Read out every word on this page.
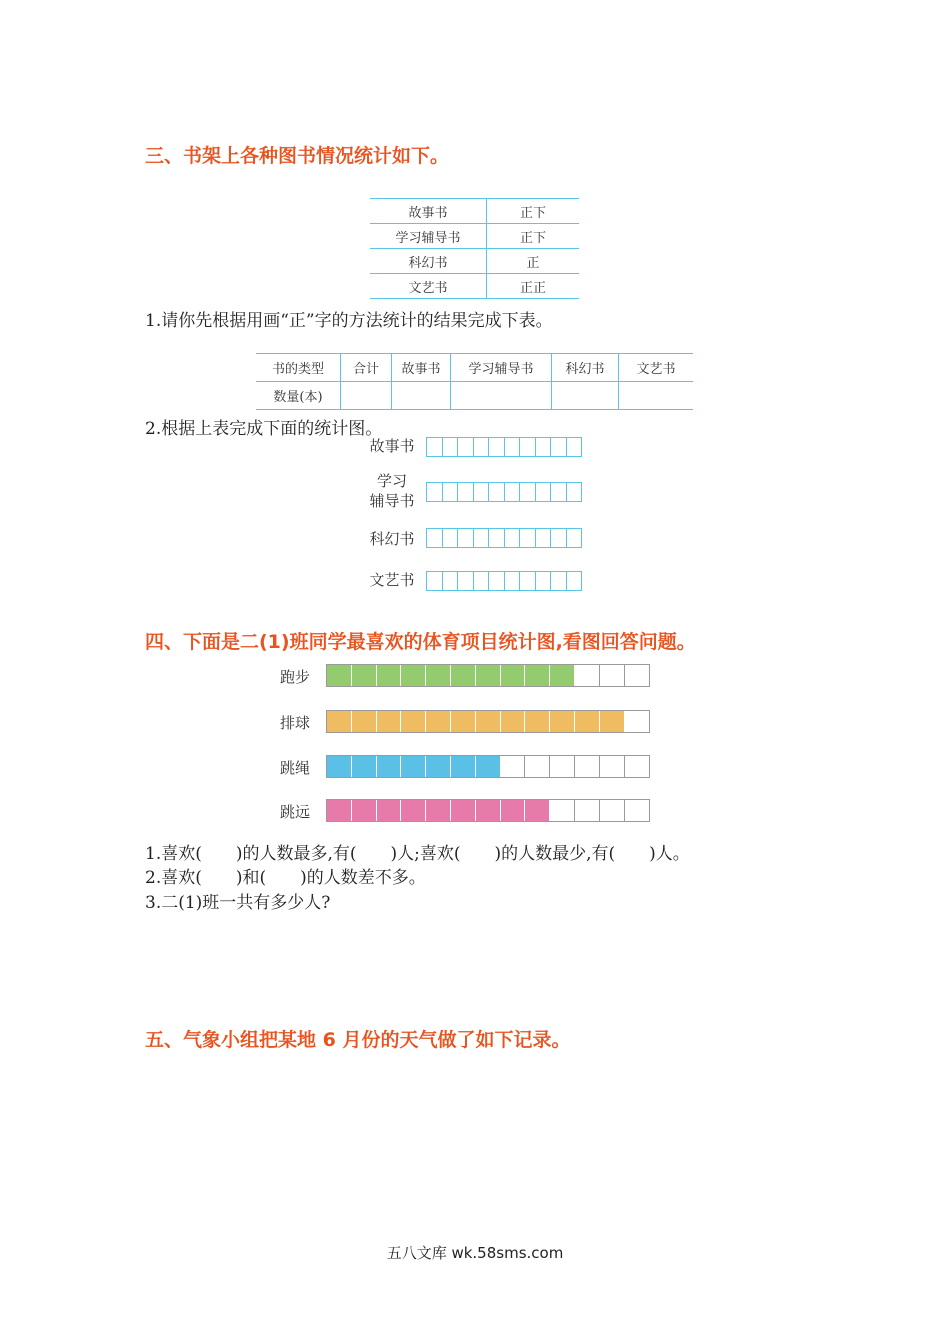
三、书架上各种图书情况统计如下。
故事书	正下
学习辅导书	正下
科幻书	正
文艺书	正正
1.请你先根据用画“正”字的方法统计的结果完成下表。
书的类型	合计	故事书	学习辅导书	科幻书	文艺书
数量(本)					
2.根据上表完成下面的统计图。
故事书
学习
辅导书
科幻书
文艺书
四、下面是二(1)班同学最喜欢的体育项目统计图,看图回答问题。
跑步
排球
跳绳
跳远
1.喜欢(　　)的人数最多,有(　　)人;喜欢(　　)的人数最少,有(　　)人。
2.喜欢(　　)和(　　)的人数差不多。
3.二(1)班一共有多少人?
五、气象小组把某地 6 月份的天气做了如下记录。
五八文库 wk.58sms.com
